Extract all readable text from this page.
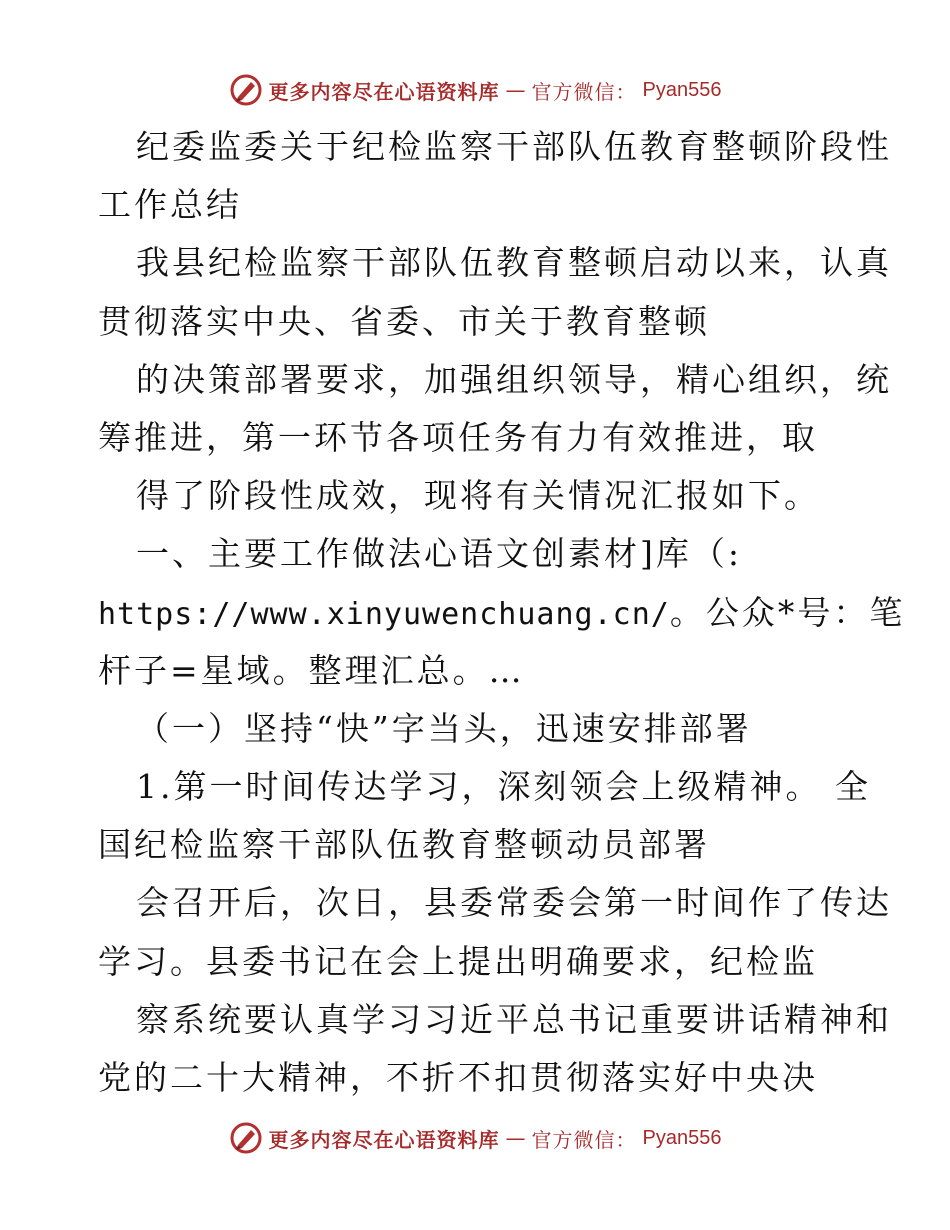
更多内容尽在心语资料库 — 官方微信： Pyan556
纪委监委关于纪检监察干部队伍教育整顿阶段性
工作总结
我县纪检监察干部队伍教育整顿启动以来，认真
贯彻落实中央、省委、市关于教育整顿
的决策部署要求，加强组织领导，精心组织，统
筹推进，第一环节各项任务有力有效推进，取
得了阶段性成效，现将有关情况汇报如下。
一、主要工作做法心语文创素材]库（:
https://www.xinyuwenchuang.cn/。公众*号：笔
杆子=星域。整理汇总。…
（一）坚持“快”字当头，迅速安排部署
1.第一时间传达学习，深刻领会上级精神。 全
国纪检监察干部队伍教育整顿动员部署
会召开后，次日，县委常委会第一时间作了传达
学习。县委书记在会上提出明确要求，纪检监
察系统要认真学习习近平总书记重要讲话精神和
党的二十大精神，不折不扣贯彻落实好中央决
更多内容尽在心语资料库 — 官方微信： Pyan556
